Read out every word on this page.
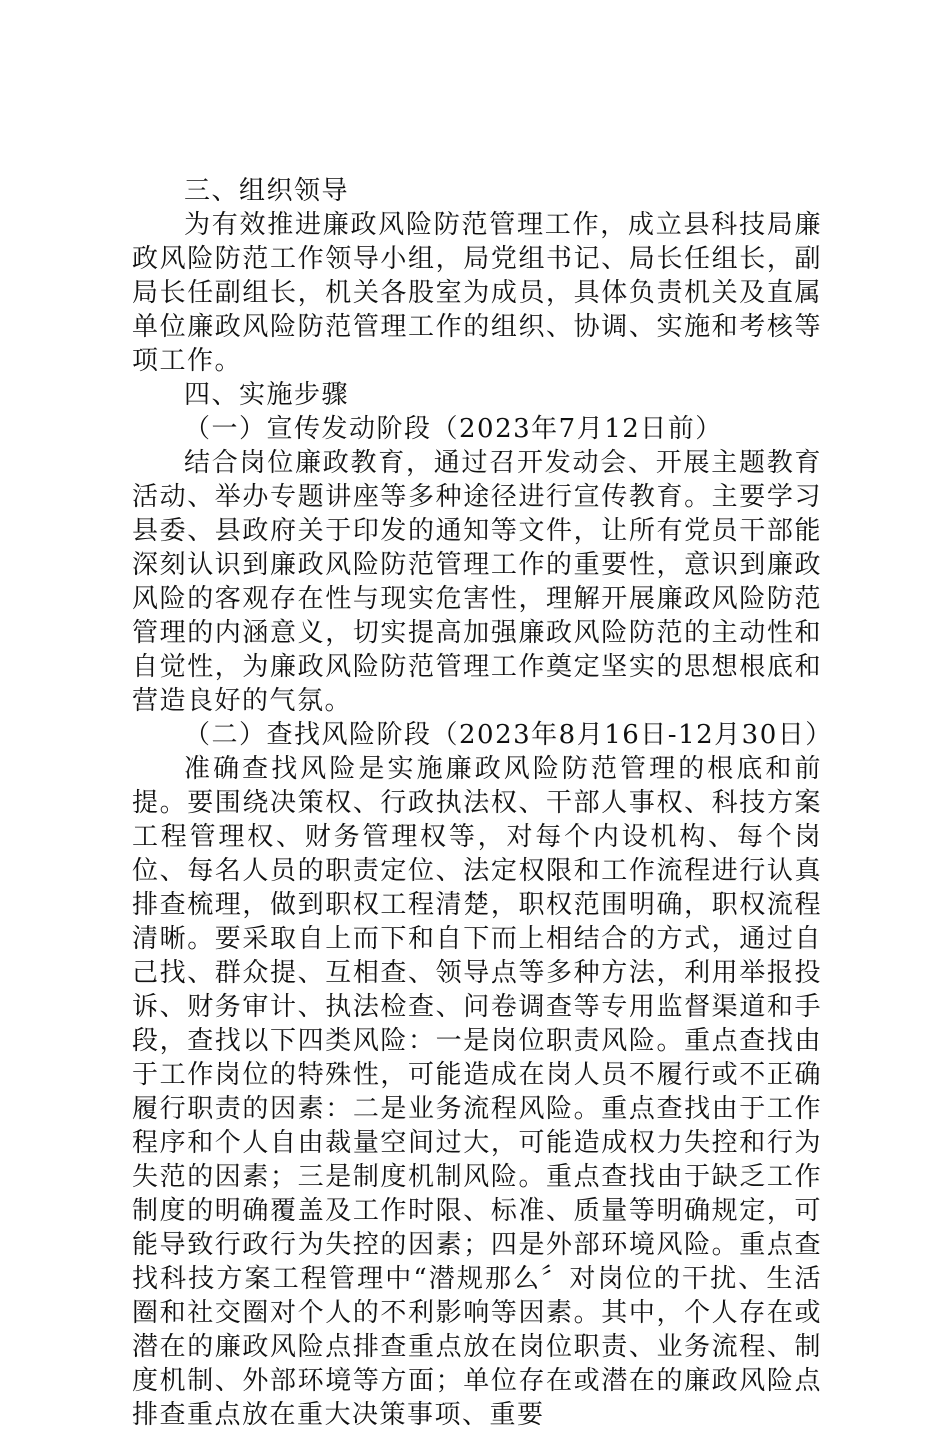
三、组织领导

为有效推进廉政风险防范管理工作，成立县科技局廉政风险防范工作领导小组，局党组书记、局长任组长，副局长任副组长，机关各股室为成员，具体负责机关及直属单位廉政风险防范管理工作的组织、协调、实施和考核等项工作。

四、实施步骤

（一）宣传发动阶段（2023年7月12日前）

结合岗位廉政教育，通过召开发动会、开展主题教育活动、举办专题讲座等多种途径进行宣传教育。主要学习县委、县政府关于印发的通知等文件，让所有党员干部能深刻认识到廉政风险防范管理工作的重要性，意识到廉政风险的客观存在性与现实危害性，理解开展廉政风险防范管理的内涵意义，切实提高加强廉政风险防范的主动性和自觉性，为廉政风险防范管理工作奠定坚实的思想根底和营造良好的气氛。

（二）查找风险阶段（2023年8月16日-12月30日）

准确查找风险是实施廉政风险防范管理的根底和前提。要围绕决策权、行政执法权、干部人事权、科技方案工程管理权、财务管理权等，对每个内设机构、每个岗位、每名人员的职责定位、法定权限和工作流程进行认真排查梳理，做到职权工程清楚，职权范围明确，职权流程清晰。要采取自上而下和自下而上相结合的方式，通过自己找、群众提、互相查、领导点等多种方法，利用举报投诉、财务审计、执法检查、问卷调查等专用监督渠道和手段，查找以下四类风险：一是岗位职责风险。重点查找由于工作岗位的特殊性，可能造成在岗人员不履行或不正确履行职责的因素：二是业务流程风险。重点查找由于工作程序和个人自由裁量空间过大，可能造成权力失控和行为失范的因素；三是制度机制风险。重点查找由于缺乏工作制度的明确覆盖及工作时限、标准、质量等明确规定，可能导致行政行为失控的因素；四是外部环境风险。重点查找科技方案工程管理中“潜规那么〞对岗位的干扰、生活圈和社交圈对个人的不利影响等因素。其中，个人存在或潜在的廉政风险点排查重点放在岗位职责、业务流程、制度机制、外部环境等方面；单位存在或潜在的廉政风险点排查重点放在重大决策事项、重要
